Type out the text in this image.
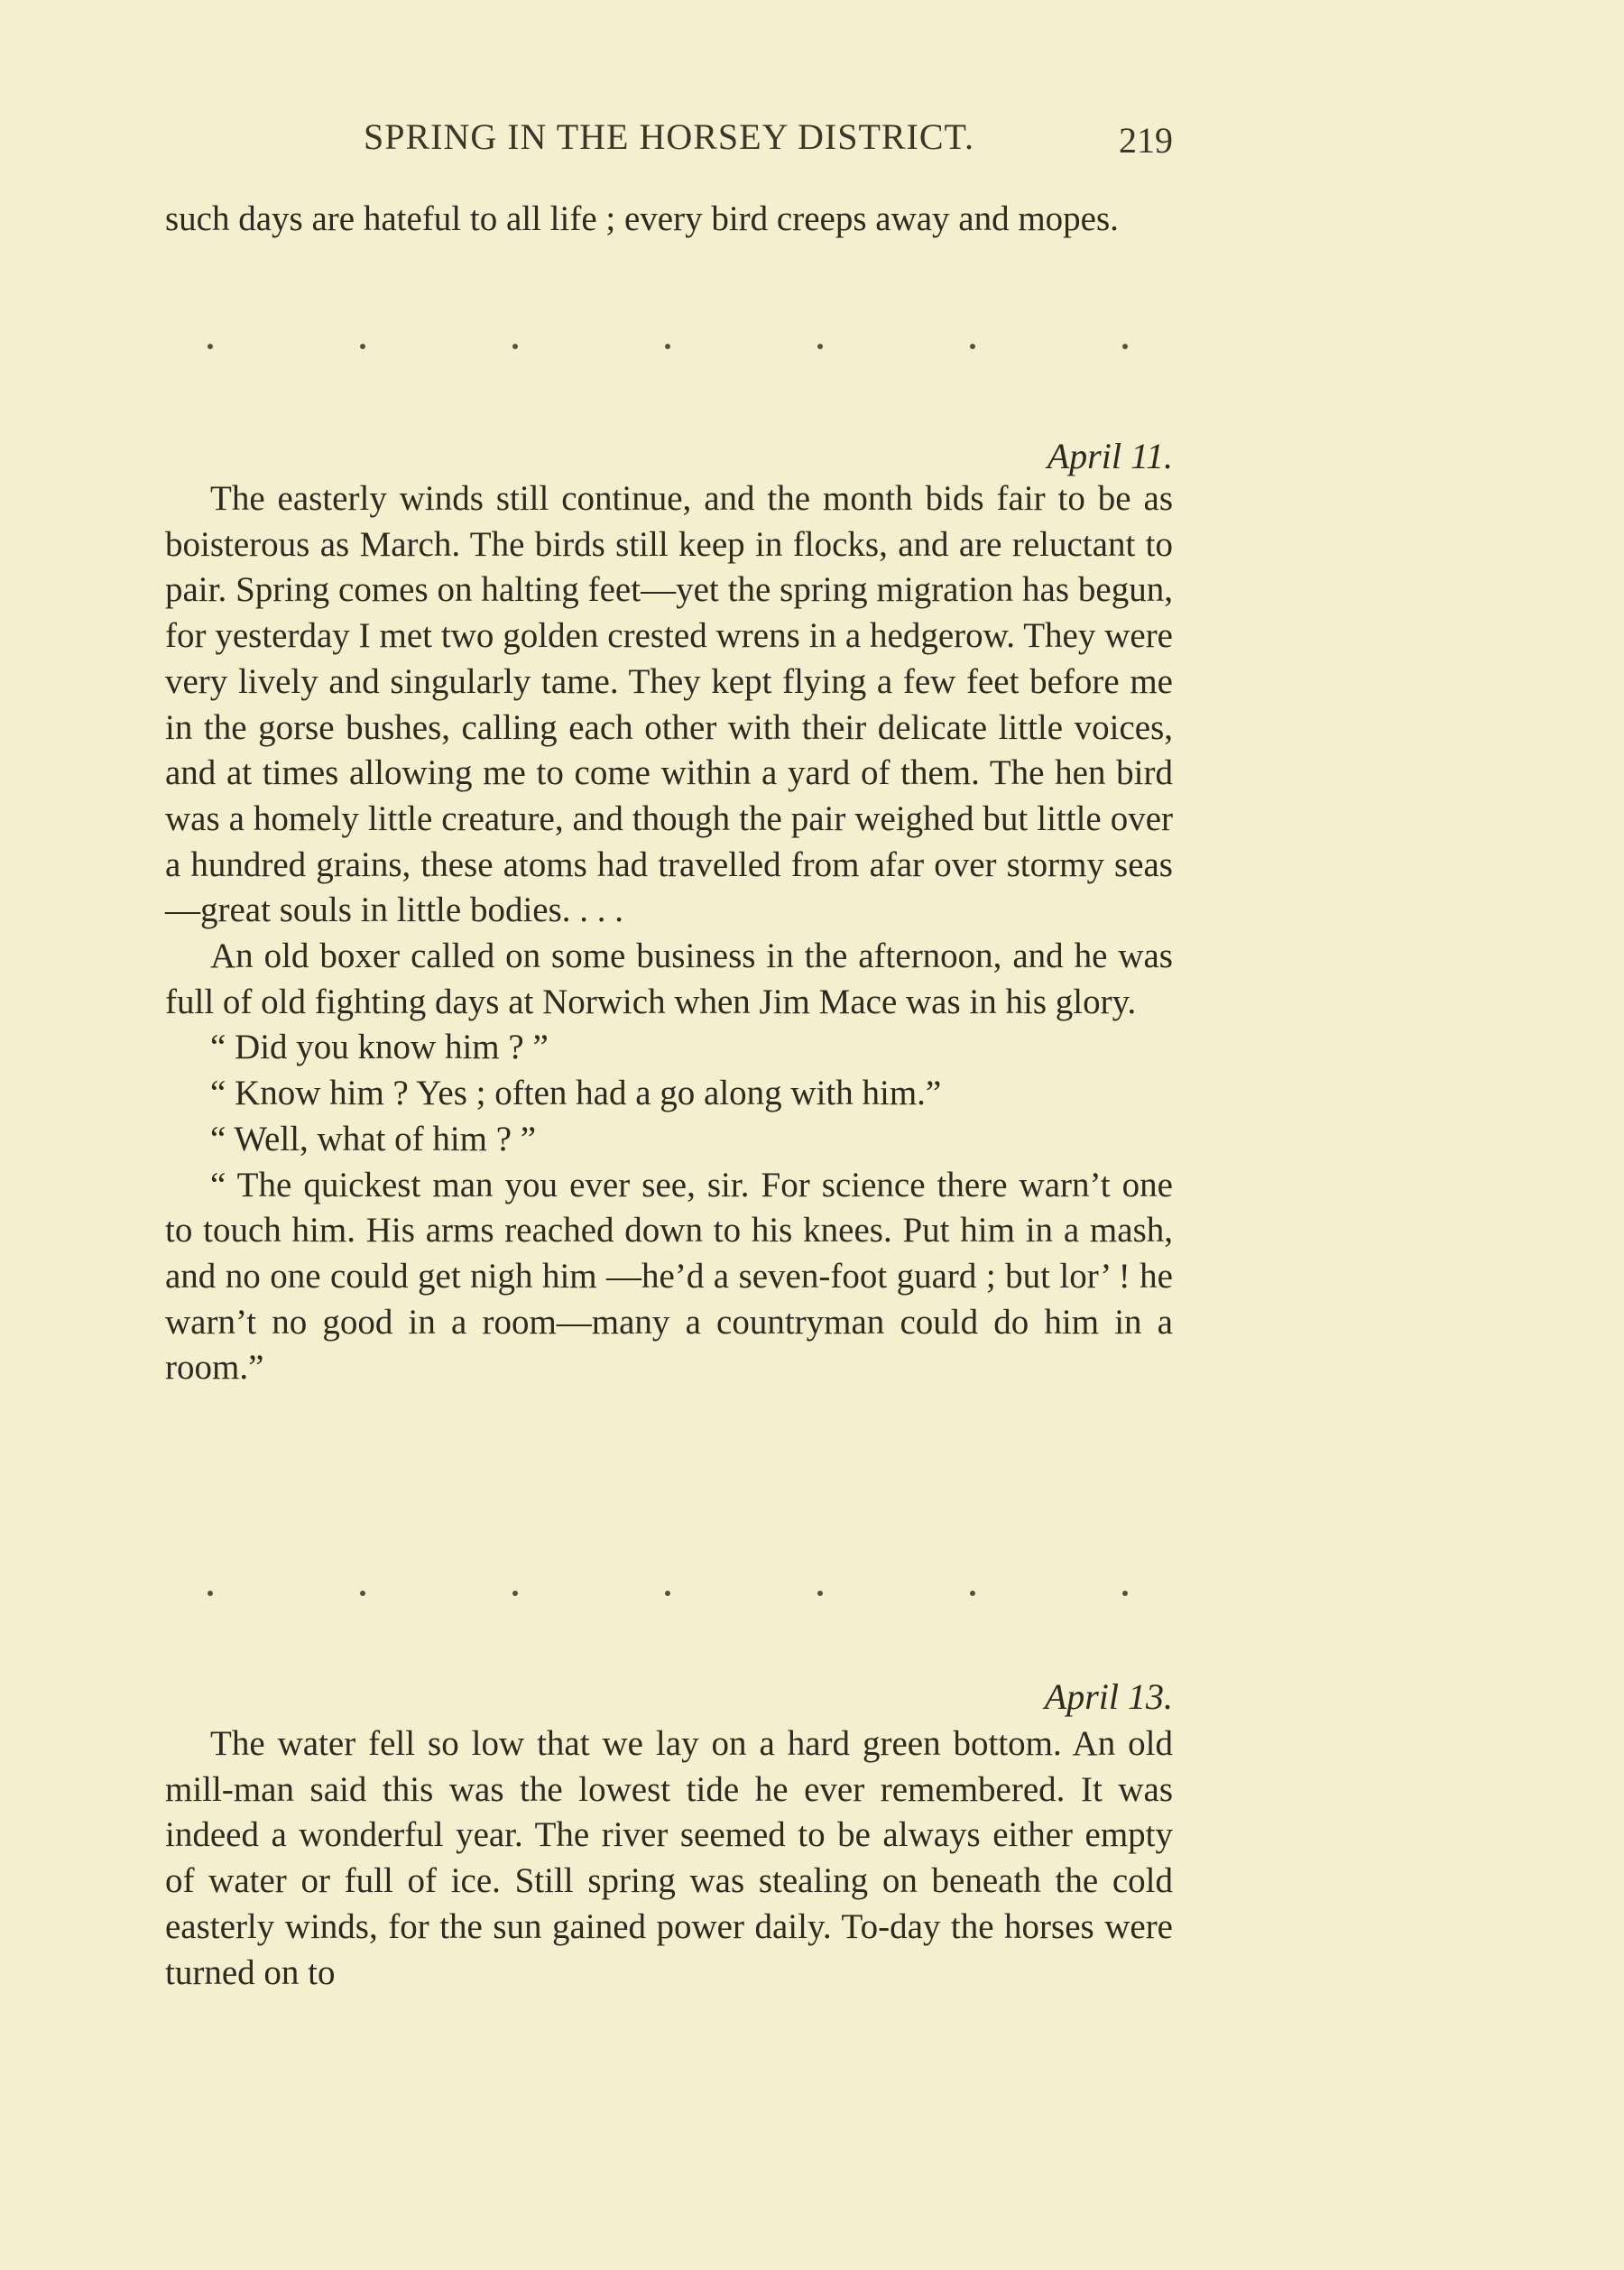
SPRING IN THE HORSEY DISTRICT.	219

such days are hateful to all life ; every bird creeps away and mopes.

April 11.

The easterly winds still continue, and the month bids fair to be as boisterous as March. The birds still keep in flocks, and are reluctant to pair. Spring comes on halting feet—yet the spring migration has begun, for yesterday I met two golden crested wrens in a hedgerow. They were very lively and singularly tame. They kept flying a few feet before me in the gorse bushes, calling each other with their delicate little voices, and at times allowing me to come within a yard of them. The hen bird was a homely little creature, and though the pair weighed but little over a hundred grains, these atoms had travelled from afar over stormy seas—great souls in little bodies. . . .

An old boxer called on some business in the afternoon, and he was full of old fighting days at Norwich when Jim Mace was in his glory.

“ Did you know him ? ”

“ Know him ? Yes ; often had a go along with him.”

“ Well, what of him ? ”

“ The quickest man you ever see, sir. For science there warn’t one to touch him. His arms reached down to his knees. Put him in a mash, and no one could get nigh him —he’d a seven-foot guard ; but lor’ ! he warn’t no good in a room—many a countryman could do him in a room.”

April 13.

The water fell so low that we lay on a hard green bottom. An old mill-man said this was the lowest tide he ever remembered. It was indeed a wonderful year. The river seemed to be always either empty of water or full of ice. Still spring was stealing on beneath the cold easterly winds, for the sun gained power daily. To-day the horses were turned on to
